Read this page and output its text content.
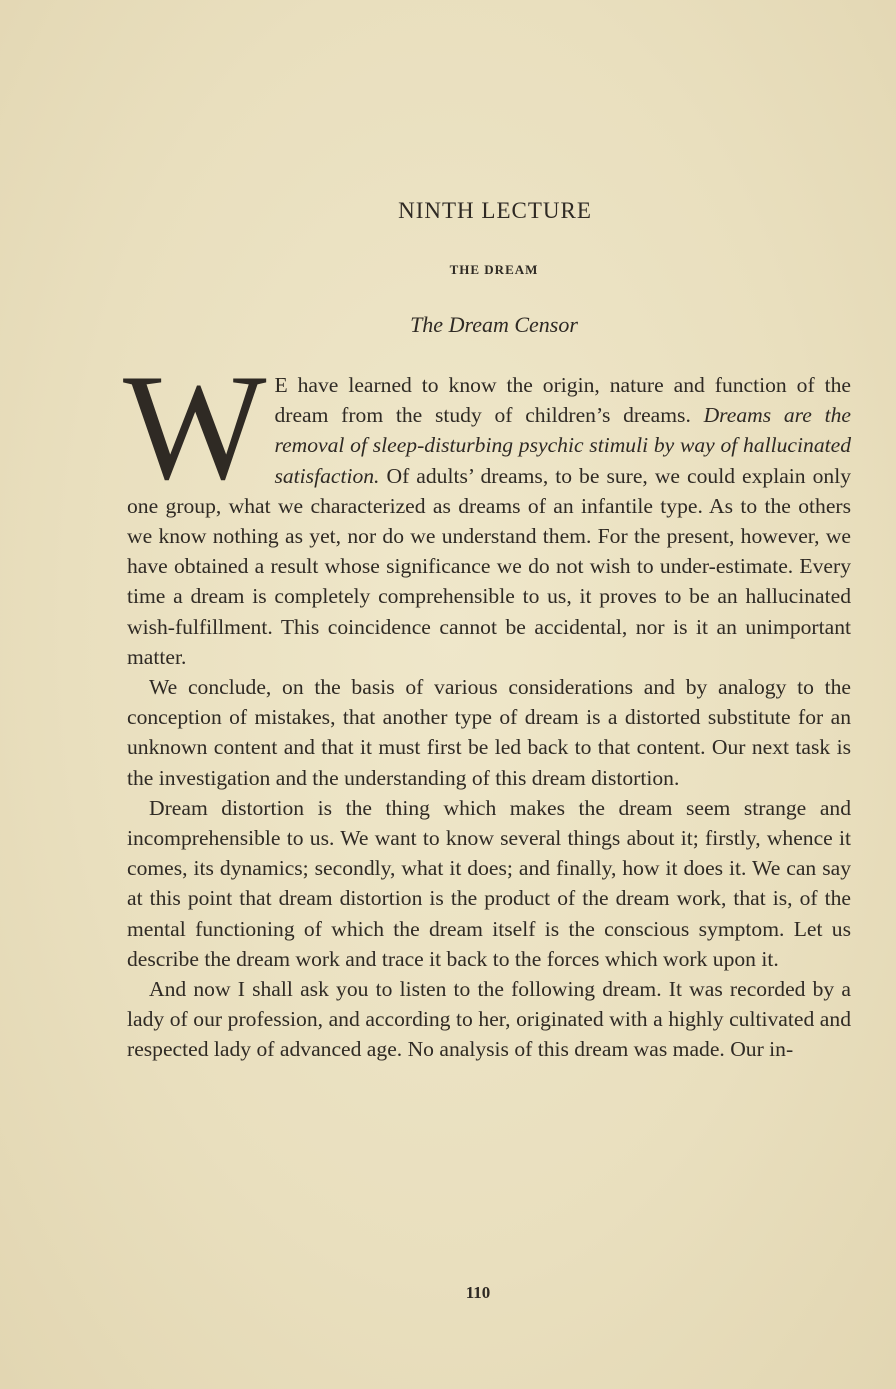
NINTH LECTURE
THE DREAM
The Dream Censor

W E have learned to know the origin, nature and function of the dream from the study of children’s dreams. Dreams are the removal of sleep-disturbing psychic stimuli by way of hallucinated satisfaction. Of adults’ dreams, to be sure, we could explain only one group, what we characterized as dreams of an infantile type. As to the others we know nothing as yet, nor do we understand them. For the present, however, we have obtained a result whose significance we do not wish to under-estimate. Every time a dream is completely comprehensible to us, it proves to be an hallucinated wish-fulfillment. This coincidence cannot be accidental, nor is it an unimportant matter.

We conclude, on the basis of various considerations and by analogy to the conception of mistakes, that another type of dream is a distorted substitute for an unknown content and that it must first be led back to that content. Our next task is the investigation and the understanding of this dream distortion.

Dream distortion is the thing which makes the dream seem strange and incomprehensible to us. We want to know several things about it; firstly, whence it comes, its dynamics; secondly, what it does; and finally, how it does it. We can say at this point that dream distortion is the product of the dream work, that is, of the mental functioning of which the dream itself is the conscious symptom. Let us describe the dream work and trace it back to the forces which work upon it.

And now I shall ask you to listen to the following dream. It was recorded by a lady of our profession, and according to her, originated with a highly cultivated and respected lady of advanced age. No analysis of this dream was made. Our in-

110
